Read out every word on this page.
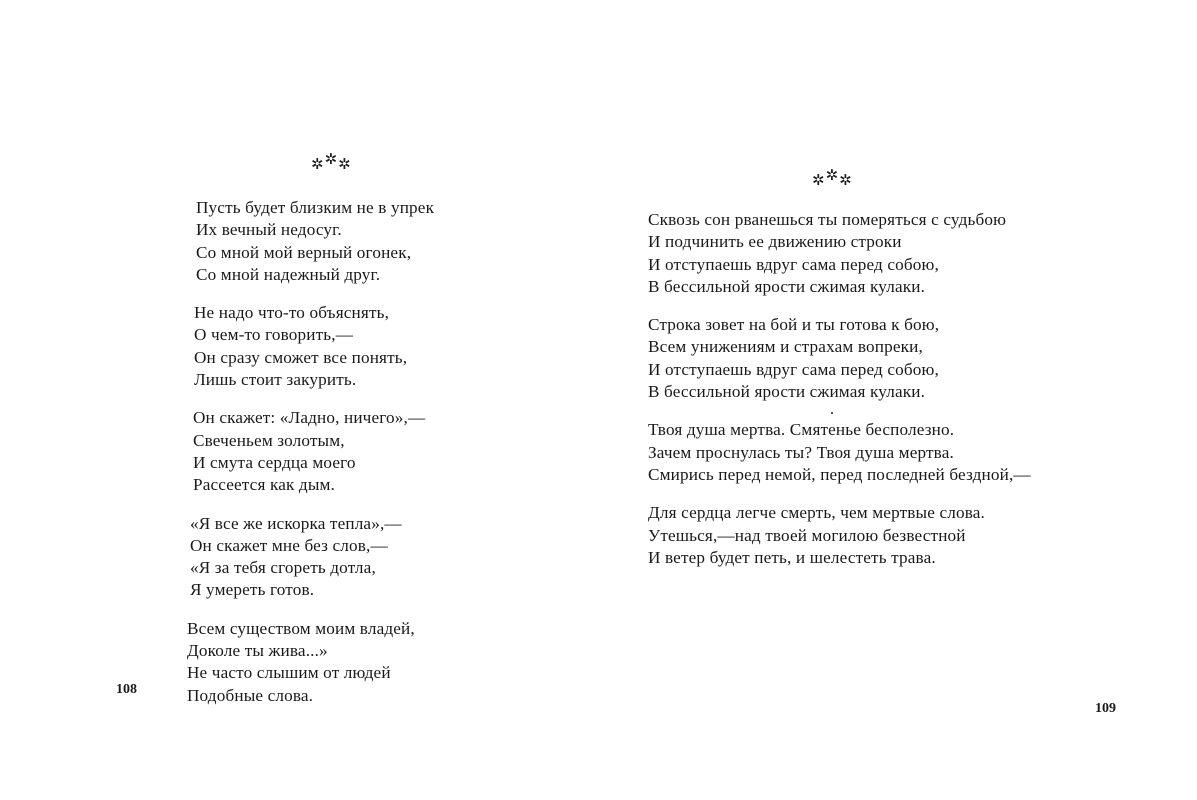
✲✲✲
Пусть будет близким не в упрек
Их вечный недосуг.
Со мной мой верный огонек,
Со мной надежный друг.
Не надо что-то объяснять,
О чем-то говорить,—
Он сразу сможет все понять,
Лишь стоит закурить.
Он скажет: «Ладно, ничего»,—
Свеченьем золотым,
И смута сердца моего
Рассеется как дым.
«Я все же искорка тепла»,—
Он скажет мне без слов,—
«Я за тебя сгореть дотла,
Я умереть готов.
Всем существом моим владей,
Доколе ты жива...»
Не часто слышим от людей
Подобные слова.
108
✲✲✲
Сквозь сон рванешься ты померяться с судьбою
И подчинить ее движению строки
И отступаешь вдруг сама перед собою,
В бессильной ярости сжимая кулаки.
Строка зовет на бой и ты готова к бою,
Всем унижениям и страхам вопреки,
И отступаешь вдруг сама перед собою,
В бессильной ярости сжимая кулаки.
Твоя душа мертва. Смятенье бесполезно.
Зачем проснулась ты? Твоя душа мертва.
Смирись перед немой, перед последней бездной,—
Для сердца легче смерть, чем мертвые слова.
Утешься,—над твоей могилою безвестной
И ветер будет петь, и шелестеть трава.
109
